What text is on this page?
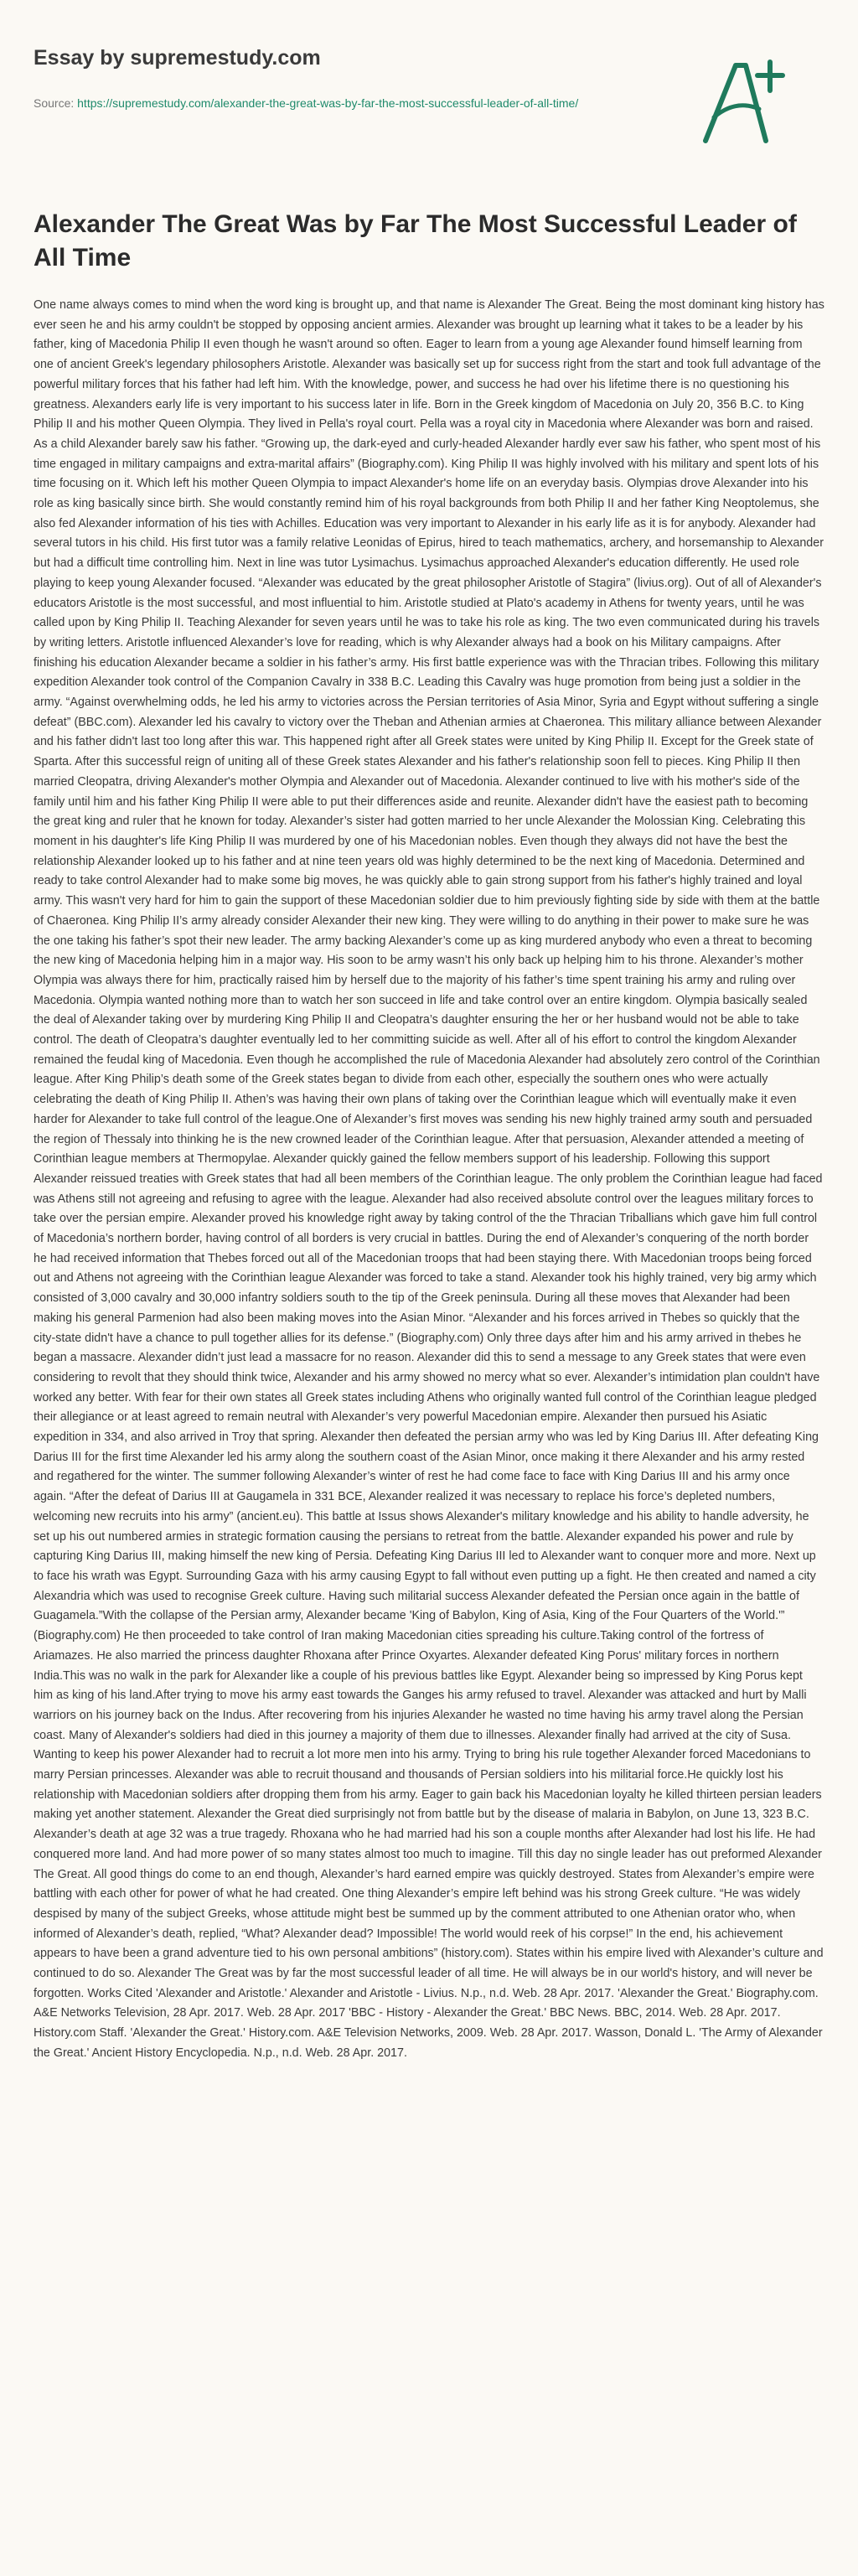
Essay by supremestudy.com
Source: https://supremestudy.com/alexander-the-great-was-by-far-the-most-successful-leader-of-all-time/
Alexander The Great Was by Far The Most Successful Leader of All Time

One name always comes to mind when the word king is brought up, and that name is Alexander The Great. Being the most dominant king history has ever seen he and his army couldn't be stopped by opposing ancient armies. Alexander was brought up learning what it takes to be a leader by his father, king of Macedonia Philip II even though he wasn't around so often. Eager to learn from a young age Alexander found himself learning from one of ancient Greek's legendary philosophers Aristotle. Alexander was basically set up for success right from the start and took full advantage of the powerful military forces that his father had left him. With the knowledge, power, and success he had over his lifetime there is no questioning his greatness. Alexanders early life is very important to his success later in life. Born in the Greek kingdom of Macedonia on July 20, 356 B.C. to King Philip II and his mother Queen Olympia. They lived in Pella's royal court. Pella was a royal city in Macedonia where Alexander was born and raised. As a child Alexander barely saw his father. “Growing up, the dark-eyed and curly-headed Alexander hardly ever saw his father, who spent most of his time engaged in military campaigns and extra-marital affairs” (Biography.com). King Philip II was highly involved with his military and spent lots of his time focusing on it. Which left his mother Queen Olympia to impact Alexander's home life on an everyday basis. Olympias drove Alexander into his role as king basically since birth. She would constantly remind him of his royal backgrounds from both Philip II and her father King Neoptolemus, she also fed Alexander information of his ties with Achilles. Education was very important to Alexander in his early life as it is for anybody. Alexander had several tutors in his child. His first tutor was a family relative Leonidas of Epirus, hired to teach mathematics, archery, and horsemanship to Alexander but had a difficult time controlling him. Next in line was tutor Lysimachus. Lysimachus approached Alexander's education differently. He used role playing to keep young Alexander focused. “Alexander was educated by the great philosopher Aristotle of Stagira” (livius.org). Out of all of Alexander's educators Aristotle is the most successful, and most influential to him. Aristotle studied at Plato's academy in Athens for twenty years, until he was called upon by King Philip II. Teaching Alexander for seven years until he was to take his role as king. The two even communicated during his travels by writing letters. Aristotle influenced Alexander’s love for reading, which is why Alexander always had a book on his Military campaigns. After finishing his education Alexander became a soldier in his father’s army. His first battle experience was with the Thracian tribes. Following this military expedition Alexander took control of the Companion Cavalry in 338 B.C. Leading this Cavalry was huge promotion from being just a soldier in the army. “Against overwhelming odds, he led his army to victories across the Persian territories of Asia Minor, Syria and Egypt without suffering a single defeat” (BBC.com). Alexander led his cavalry to victory over the Theban and Athenian armies at Chaeronea. This military alliance between Alexander and his father didn't last too long after this war. This happened right after all Greek states were united by King Philip II. Except for the Greek state of Sparta. After this successful reign of uniting all of these Greek states Alexander and his father's relationship soon fell to pieces. King Philip II then married Cleopatra, driving Alexander's mother Olympia and Alexander out of Macedonia. Alexander continued to live with his mother's side of the family until him and his father King Philip II were able to put their differences aside and reunite. Alexander didn't have the easiest path to becoming the great king and ruler that he known for today. Alexander’s sister had gotten married to her uncle Alexander the Molossian King. Celebrating this moment in his daughter's life King Philip II was murdered by one of his Macedonian nobles. Even though they always did not have the best the relationship Alexander looked up to his father and at nine teen years old was highly determined to be the next king of Macedonia. Determined and ready to take control Alexander had to make some big moves, he was quickly able to gain strong support from his father's highly trained and loyal army. This wasn't very hard for him to gain the support of these Macedonian soldier due to him previously fighting side by side with them at the battle of Chaeronea. King Philip II’s army already consider Alexander their new king. They were willing to do anything in their power to make sure he was the one taking his father’s spot their new leader. The army backing Alexander’s come up as king murdered anybody who even a threat to becoming the new king of Macedonia helping him in a major way. His soon to be army wasn’t his only back up helping him to his throne. Alexander’s mother Olympia was always there for him, practically raised him by herself due to the majority of his father’s time spent training his army and ruling over Macedonia. Olympia wanted nothing more than to watch her son succeed in life and take control over an entire kingdom. Olympia basically sealed the deal of Alexander taking over by murdering King Philip II and Cleopatra’s daughter ensuring the her or her husband would not be able to take control. The death of Cleopatra’s daughter eventually led to her committing suicide as well. After all of his effort to control the kingdom Alexander remained the feudal king of Macedonia. Even though he accomplished the rule of Macedonia Alexander had absolutely zero control of the Corinthian league. After King Philip’s death some of the Greek states began to divide from each other, especially the southern ones who were actually celebrating the death of King Philip II. Athen’s was having their own plans of taking over the Corinthian league which will eventually make it even harder for Alexander to take full control of the league.One of Alexander’s first moves was sending his new highly trained army south and persuaded the region of Thessaly into thinking he is the new crowned leader of the Corinthian league. After that persuasion, Alexander attended a meeting of Corinthian league members at Thermopylae. Alexander quickly gained the fellow members support of his leadership. Following this support Alexander reissued treaties with Greek states that had all been members of the Corinthian league. The only problem the Corinthian league had faced was Athens still not agreeing and refusing to agree with the league. Alexander had also received absolute control over the leagues military forces to take over the persian empire. Alexander proved his knowledge right away by taking control of the the Thracian Triballians which gave him full control of Macedonia’s northern border, having control of all borders is very crucial in battles. During the end of Alexander’s conquering of the north border he had received information that Thebes forced out all of the Macedonian troops that had been staying there. With Macedonian troops being forced out and Athens not agreeing with the Corinthian league Alexander was forced to take a stand. Alexander took his highly trained, very big army which consisted of 3,000 cavalry and 30,000 infantry soldiers south to the tip of the Greek peninsula. During all these moves that Alexander had been making his general Parmenion had also been making moves into the Asian Minor. “Alexander and his forces arrived in Thebes so quickly that the city-state didn't have a chance to pull together allies for its defense.” (Biography.com) Only three days after him and his army arrived in thebes he began a massacre. Alexander didn’t just lead a massacre for no reason. Alexander did this to send a message to any Greek states that were even considering to revolt that they should think twice, Alexander and his army showed no mercy what so ever. Alexander’s intimidation plan couldn't have worked any better. With fear for their own states all Greek states including Athens who originally wanted full control of the Corinthian league pledged their allegiance or at least agreed to remain neutral with Alexander’s very powerful Macedonian empire. Alexander then pursued his Asiatic expedition in 334, and also arrived in Troy that spring. Alexander then defeated the persian army who was led by King Darius III. After defeating King Darius III for the first time Alexander led his army along the southern coast of the Asian Minor, once making it there Alexander and his army rested and regathered for the winter. The summer following Alexander’s winter of rest he had come face to face with King Darius III and his army once again. “After the defeat of Darius III at Gaugamela in 331 BCE, Alexander realized it was necessary to replace his force’s depleted numbers, welcoming new recruits into his army” (ancient.eu). This battle at Issus shows Alexander's military knowledge and his ability to handle adversity, he set up his out numbered armies in strategic formation causing the persians to retreat from the battle. Alexander expanded his power and rule by capturing King Darius III, making himself the new king of Persia. Defeating King Darius III led to Alexander want to conquer more and more. Next up to face his wrath was Egypt. Surrounding Gaza with his army causing Egypt to fall without even putting up a fight. He then created and named a city Alexandria which was used to recognise Greek culture. Having such militarial success Alexander defeated the Persian once again in the battle of Guagamela.”With the collapse of the Persian army, Alexander became 'King of Babylon, King of Asia, King of the Four Quarters of the World.'” (Biography.com) He then proceeded to take control of Iran making Macedonian cities spreading his culture.Taking control of the fortress of Ariamazes. He also married the princess daughter Rhoxana after Prince Oxyartes. Alexander defeated King Porus' military forces in northern India.This was no walk in the park for Alexander like a couple of his previous battles like Egypt. Alexander being so impressed by King Porus kept him as king of his land.After trying to move his army east towards the Ganges his army refused to travel. Alexander was attacked and hurt by Malli warriors on his journey back on the Indus. After recovering from his injuries Alexander he wasted no time having his army travel along the Persian coast. Many of Alexander's soldiers had died in this journey a majority of them due to illnesses. Alexander finally had arrived at the city of Susa. Wanting to keep his power Alexander had to recruit a lot more men into his army. Trying to bring his rule together Alexander forced Macedonians to marry Persian princesses. Alexander was able to recruit thousand and thousands of Persian soldiers into his militarial force.He quickly lost his relationship with Macedonian soldiers after dropping them from his army. Eager to gain back his Macedonian loyalty he killed thirteen persian leaders making yet another statement. Alexander the Great died surprisingly not from battle but by the disease of malaria in Babylon, on June 13, 323 B.C. Alexander’s death at age 32 was a true tragedy. Rhoxana who he had married had his son a couple months after Alexander had lost his life. He had conquered more land. And had more power of so many states almost too much to imagine. Till this day no single leader has out preformed Alexander The Great. All good things do come to an end though, Alexander’s hard earned empire was quickly destroyed. States from Alexander’s empire were battling with each other for power of what he had created. One thing Alexander’s empire left behind was his strong Greek culture. “He was widely despised by many of the subject Greeks, whose attitude might best be summed up by the comment attributed to one Athenian orator who, when informed of Alexander’s death, replied, “What? Alexander dead? Impossible! The world would reek of his corpse!” In the end, his achievement appears to have been a grand adventure tied to his own personal ambitions” (history.com). States within his empire lived with Alexander’s culture and continued to do so. Alexander The Great was by far the most successful leader of all time. He will always be in our world's history, and will never be forgotten. Works Cited 'Alexander and Aristotle.' Alexander and Aristotle - Livius. N.p., n.d. Web. 28 Apr. 2017. 'Alexander the Great.' Biography.com. A&E Networks Television, 28 Apr. 2017. Web. 28 Apr. 2017 'BBC - History - Alexander the Great.' BBC News. BBC, 2014. Web. 28 Apr. 2017. History.com Staff. 'Alexander the Great.' History.com. A&E Television Networks, 2009. Web. 28 Apr. 2017. Wasson, Donald L. 'The Army of Alexander the Great.' Ancient History Encyclopedia. N.p., n.d. Web. 28 Apr. 2017.
